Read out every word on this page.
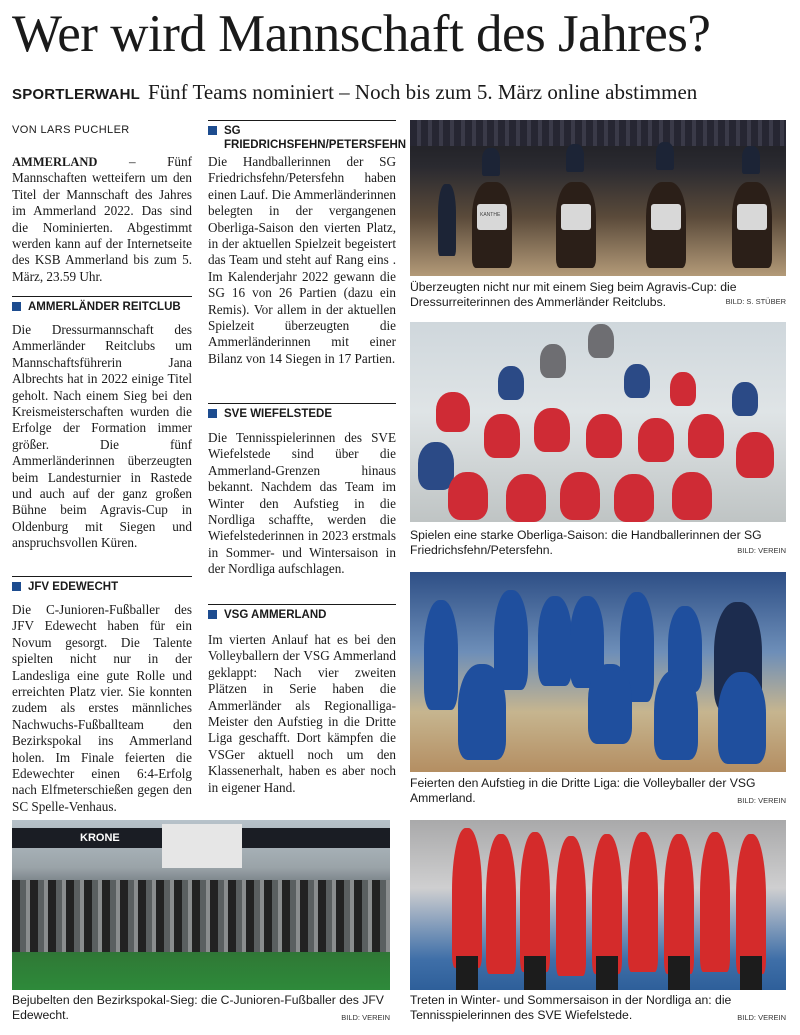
Wer wird Mannschaft des Jahres?
SPORTLERWAHL Fünf Teams nominiert – Noch bis zum 5. März online abstimmen
VON LARS PUCHLER
AMMERLAND – Fünf Mannschaften wetteifern um den Titel der Mannschaft des Jahres im Ammerland 2022. Das sind die Nominierten. Abgestimmt werden kann auf der Internetseite des KSB Ammerland bis zum 5. März, 23.59 Uhr.
AMMERLÄNDER REITCLUB
Die Dressurmannschaft des Ammerländer Reitclubs um Mannschaftsführerin Jana Albrechts hat in 2022 einige Titel geholt. Nach einem Sieg bei den Kreismeisterschaften wurden die Erfolge der Formation immer größer. Die fünf Ammerländerinnen überzeugten beim Landesturnier in Rastede und auch auf der ganz großen Bühne beim Agravis-Cup in Oldenburg mit Siegen und anspruchsvollen Küren.
JFV EDEWECHT
Die C-Junioren-Fußballer des JFV Edewecht haben für ein Novum gesorgt. Die Talente spielten nicht nur in der Landesliga eine gute Rolle und erreichten Platz vier. Sie konnten zudem als erstes männliches Nachwuchs-Fußballteam den Bezirkspokal ins Ammerland holen. Im Finale feierten die Edewechter einen 6:4-Erfolg nach Elfmeterschießen gegen den SC Spelle-Venhaus.
SG FRIEDRICHSFEHN/PETERSFEHN
Die Handballerinnen der SG Friedrichsfehn/Petersfehn haben einen Lauf. Die Ammerländerinnen belegten in der vergangenen Oberliga-Saison den vierten Platz, in der aktuellen Spielzeit begeistert das Team und steht auf Rang eins . Im Kalenderjahr 2022 gewann die SG 16 von 26 Partien (dazu ein Remis). Vor allem in der aktuellen Spielzeit überzeugten die Ammerländerinnen mit einer Bilanz von 14 Siegen in 17 Partien.
SVE WIEFELSTEDE
Die Tennisspielerinnen des SVE Wiefelstede sind über die Ammerland-Grenzen hinaus bekannt. Nachdem das Team im Winter den Aufstieg in die Nordliga schaffte, werden die Wiefelstederinnen in 2023 erstmals in Sommer- und Wintersaison in der Nordliga aufschlagen.
VSG AMMERLAND
Im vierten Anlauf hat es bei den Volleyballern der VSG Ammerland geklappt: Nach vier zweiten Plätzen in Serie haben die Ammerländer als Regionalliga-Meister den Aufstieg in die Dritte Liga geschafft. Dort kämpfen die VSGer aktuell noch um den Klassenerhalt, haben es aber noch in eigener Hand.
Überzeugten nicht nur mit einem Sieg beim Agravis-Cup: die Dressurreiterinnen des Ammerländer Reitclubs.	BILD: S. STÜBER
Spielen eine starke Oberliga-Saison: die Handballerinnen der SG Friedrichsfehn/Petersfehn.	BILD: VEREIN
Feierten den Aufstieg in die Dritte Liga: die Volleyballer der VSG Ammerland.	BILD: VEREIN
Bejubelten den Bezirkspokal-Sieg: die C-Junioren-Fußballer des JFV Edewecht.	BILD: VEREIN
Treten in Winter- und Sommersaison in der Nordliga an: die Tennisspielerinnen des SVE Wiefelstede.	BILD: VEREIN
KANTHE
KRONE
